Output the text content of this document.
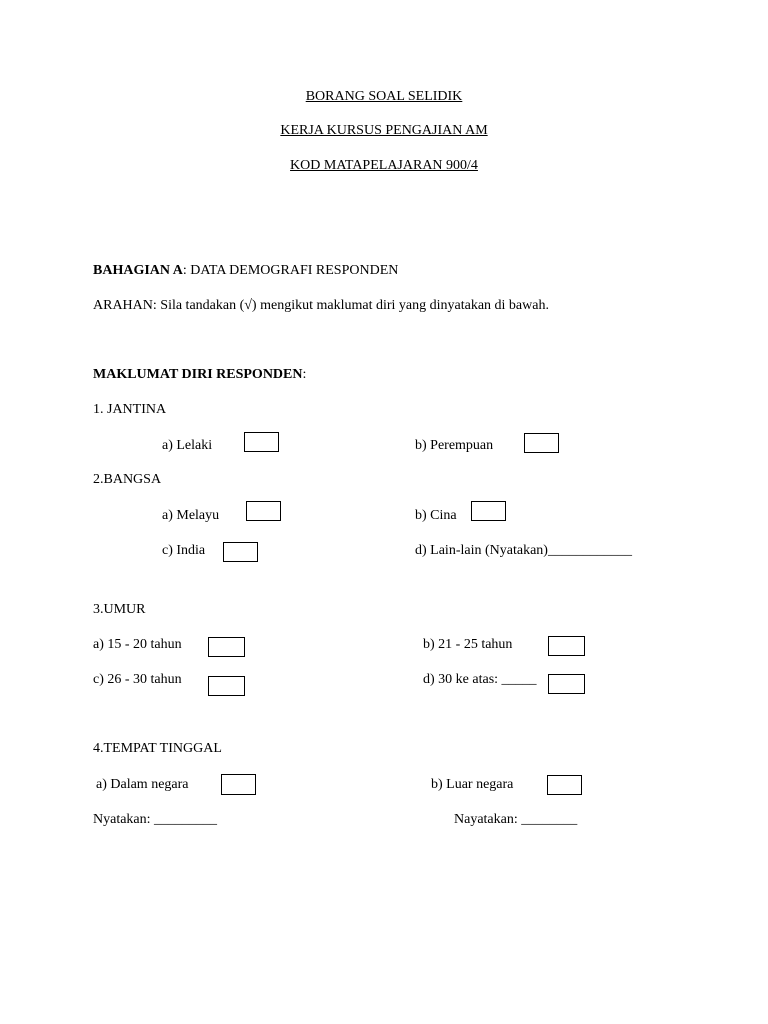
BORANG SOAL SELIDIK
KERJA KURSUS PENGAJIAN AM
KOD MATAPELAJARAN 900/4
BAHAGIAN A: DATA DEMOGRAFI RESPONDEN
ARAHAN: Sila tandakan (√) mengikut maklumat diri yang dinyatakan di bawah.
MAKLUMAT DIRI RESPONDEN:
1. JANTINA
a) Lelaki	b) Perempuan
2.BANGSA
a) Melayu	b) Cina
c) India	d) Lain-lain (Nyatakan)____________
3.UMUR
a) 15 - 20 tahun	b) 21 - 25 tahun
c) 26 - 30 tahun	d) 30 ke atas: _____
4.TEMPAT TINGGAL
a) Dalam negara	b) Luar negara
Nyatakan: _________	Nayatakan: ________
